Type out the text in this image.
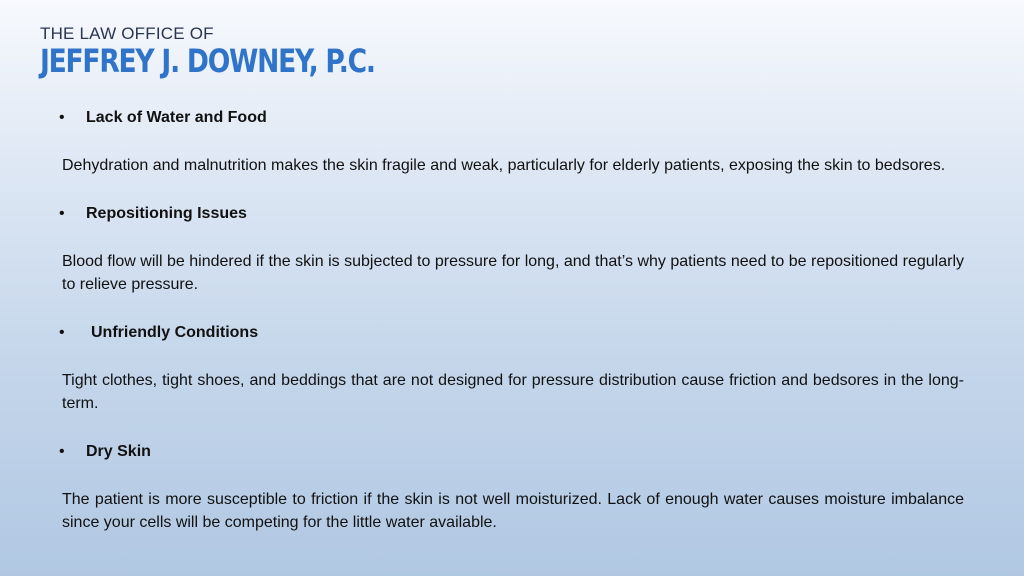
THE LAW OFFICE OF
JEFFREY J. DOWNEY, P.C.
• Lack of Water and Food
Dehydration and malnutrition makes the skin fragile and weak, particularly for elderly patients, exposing the skin to bedsores.
• Repositioning Issues
Blood flow will be hindered if the skin is subjected to pressure for long, and that’s why patients need to be repositioned regularly to relieve pressure.
• Unfriendly Conditions
Tight clothes, tight shoes, and beddings that are not designed for pressure distribution cause friction and bedsores in the long-term.
• Dry Skin
The patient is more susceptible to friction if the skin is not well moisturized. Lack of enough water causes moisture imbalance since your cells will be competing for the little water available.
